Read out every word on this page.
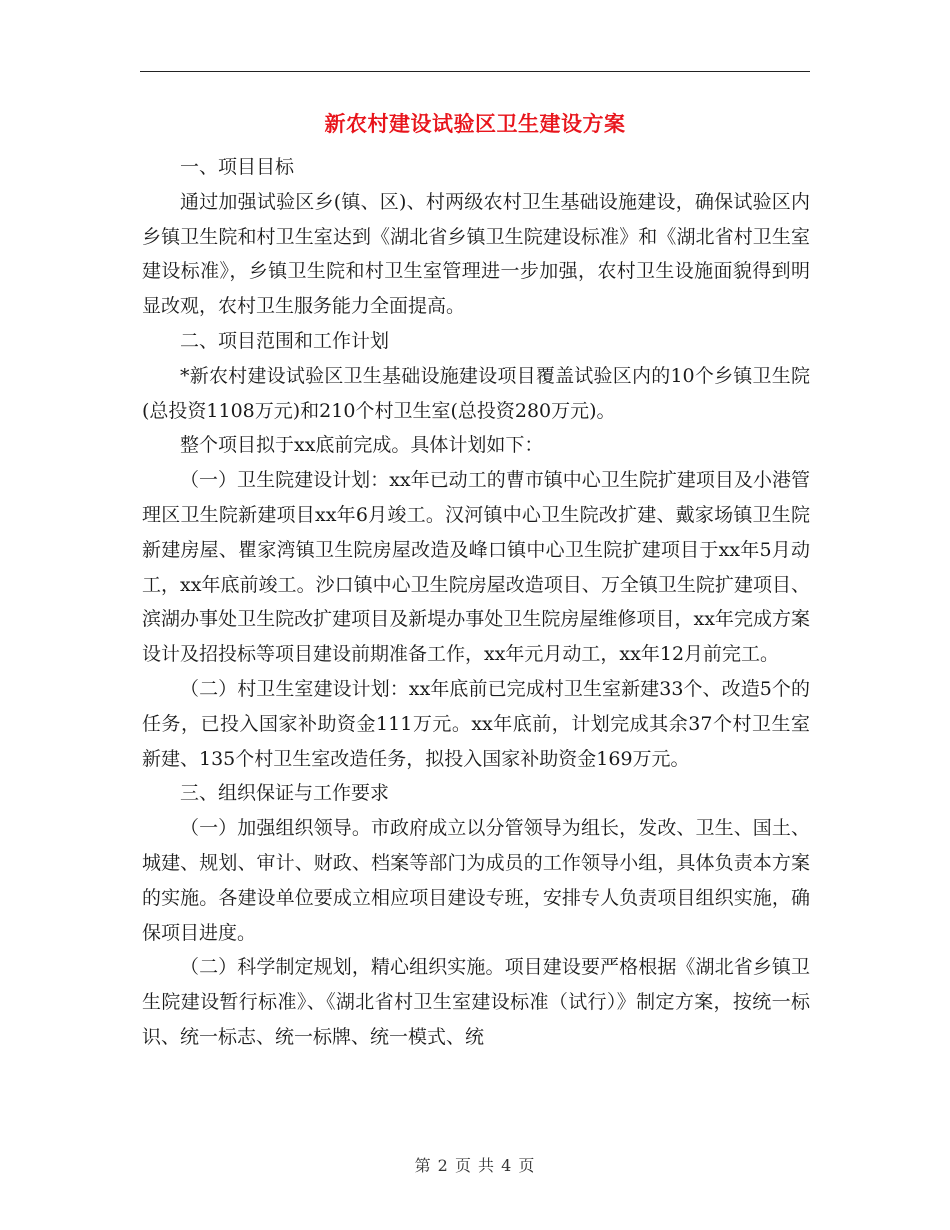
新农村建设试验区卫生建设方案

一、项目目标

通过加强试验区乡(镇、区)、村两级农村卫生基础设施建设，确保试验区内乡镇卫生院和村卫生室达到《湖北省乡镇卫生院建设标准》和《湖北省村卫生室建设标准》，乡镇卫生院和村卫生室管理进一步加强，农村卫生设施面貌得到明显改观，农村卫生服务能力全面提高。

二、项目范围和工作计划

*新农村建设试验区卫生基础设施建设项目覆盖试验区内的10个乡镇卫生院(总投资1108万元)和210个村卫生室(总投资280万元)。

整个项目拟于xx底前完成。具体计划如下：

（一）卫生院建设计划：xx年已动工的曹市镇中心卫生院扩建项目及小港管理区卫生院新建项目xx年6月竣工。汉河镇中心卫生院改扩建、戴家场镇卫生院新建房屋、瞿家湾镇卫生院房屋改造及峰口镇中心卫生院扩建项目于xx年5月动工，xx年底前竣工。沙口镇中心卫生院房屋改造项目、万全镇卫生院扩建项目、滨湖办事处卫生院改扩建项目及新堤办事处卫生院房屋维修项目，xx年完成方案设计及招投标等项目建设前期准备工作，xx年元月动工，xx年12月前完工。

（二）村卫生室建设计划：xx年底前已完成村卫生室新建33个、改造5个的任务，已投入国家补助资金111万元。xx年底前，计划完成其余37个村卫生室新建、135个村卫生室改造任务，拟投入国家补助资金169万元。

三、组织保证与工作要求

（一）加强组织领导。市政府成立以分管领导为组长，发改、卫生、国土、城建、规划、审计、财政、档案等部门为成员的工作领导小组，具体负责本方案的实施。各建设单位要成立相应项目建设专班，安排专人负责项目组织实施，确保项目进度。

（二）科学制定规划，精心组织实施。项目建设要严格根据《湖北省乡镇卫生院建设暂行标准》、《湖北省村卫生室建设标准（试行）》制定方案，按统一标识、统一标志、统一标牌、统一模式、统

第 2 页 共 4 页
